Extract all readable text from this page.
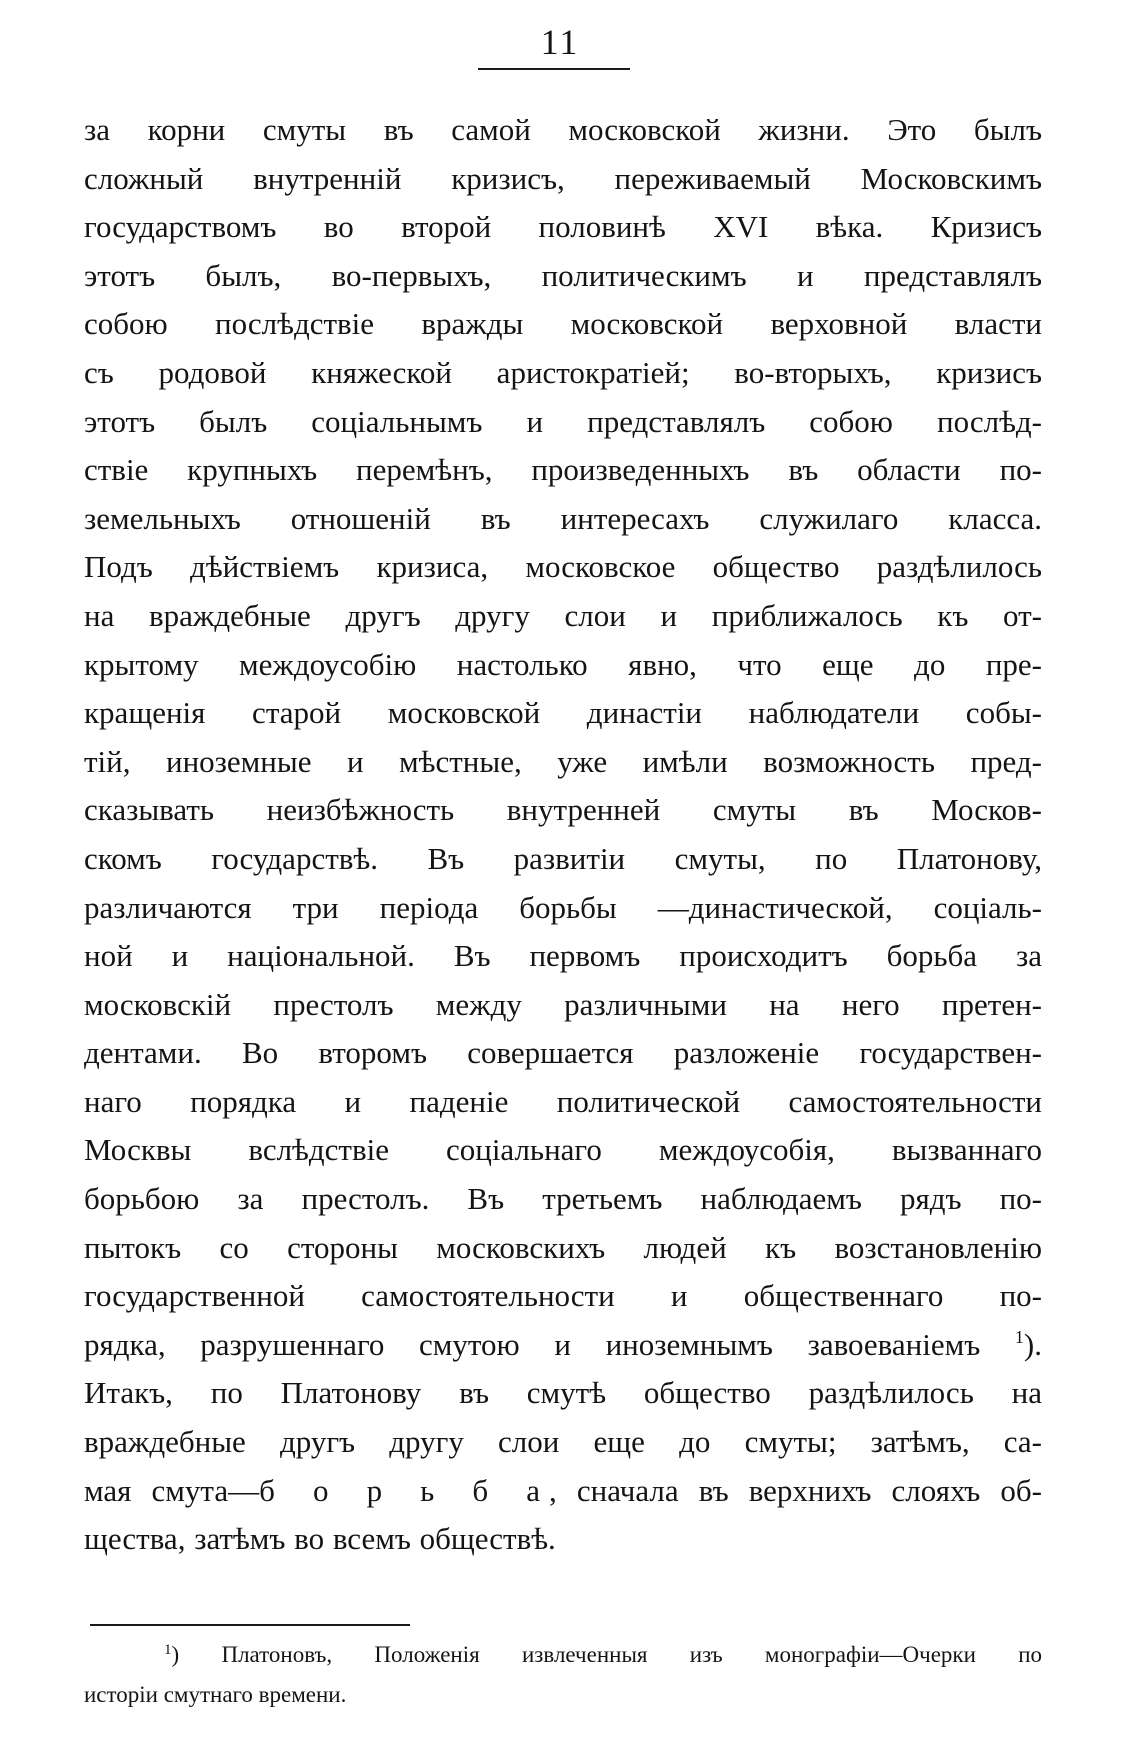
11
за корни смуты въ самой московской жизни. Это былъ
сложный внутренній кризисъ, переживаемый Московскимъ
государствомъ во второй половинѣ XVI вѣка. Кризисъ
этотъ былъ, во-первыхъ, политическимъ и представлялъ
собою послѣдствіе вражды московской верховной власти
съ родовой княжеской аристократіей; во-вторыхъ, кризисъ
этотъ былъ соціальнымъ и представлялъ собою послѣд-
ствіе крупныхъ перемѣнъ, произведенныхъ въ области по-
земельныхъ отношеній въ интересахъ служилаго класса.
Подъ дѣйствіемъ кризиса, московское общество раздѣлилось
на враждебные другъ другу слои и приближалось къ от-
крытому междоусобію настолько явно, что еще до пре-
кращенія старой московской династіи наблюдатели собы-
тій, иноземные и мѣстные, уже имѣли возможность пред-
сказывать неизбѣжность внутренней смуты въ Москов-
скомъ государствѣ. Въ развитіи смуты, по Платонову,
различаются три періода борьбы —династической, соціаль-
ной и національной. Въ первомъ происходитъ борьба за
московскій престолъ между различными на него претен-
дентами. Во второмъ совершается разложеніе государствен-
наго порядка и паденіе политической самостоятельности
Москвы вслѣдствіе соціальнаго междоусобія, вызваннаго
борьбою за престолъ. Въ третьемъ наблюдаемъ рядъ по-
пытокъ со стороны московскихъ людей къ возстановленію
государственной самостоятельности и общественнаго по-
рядка, разрушеннаго смутою и иноземнымъ завоеваніемъ $^1$).
Итакъ, по Платонову въ смутѣ общество раздѣлилось на
враждебные другъ другу слои еще до смуты; затѣмъ, са-
мая смута—б о р ь б а, сначала въ верхнихъ слояхъ об-
щества, затѣмъ во всемъ обществѣ.
$^1$) Платоновъ, Положенія извлеченныя изъ монографіи—Очерки по
исторіи смутнаго времени.
